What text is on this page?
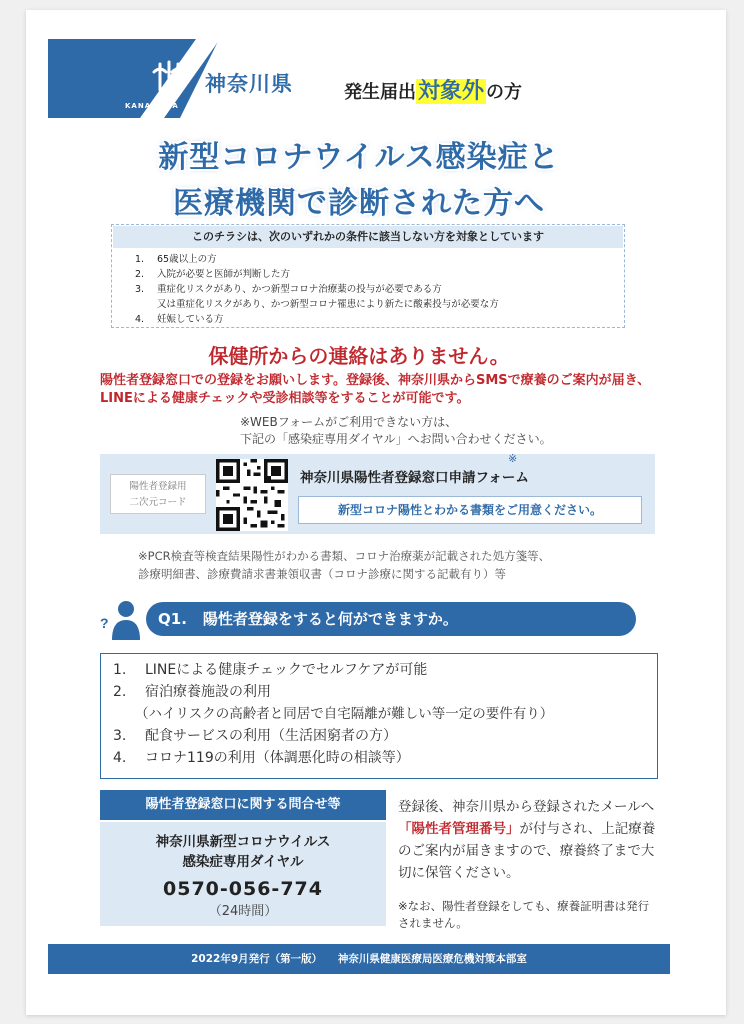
KANAGAWA
神奈川県	発生届出対象外 の方
新型コロナウイルス感染症と
医療機関で診断された方へ
このチラシは、次のいずれかの条件に該当しない方を対象としています
1. 65歳以上の方
2. 入院が必要と医師が判断した方
3. 重症化リスクがあり、かつ新型コロナ治療薬の投与が必要である方
又は重症化リスクがあり、かつ新型コロナ罹患により新たに酸素投与が必要な方
4. 妊娠している方
保健所からの連絡はありません。
陽性者登録窓口での登録をお願いします。登録後、神奈川県からSMSで療養のご案内が届き、LINEによる健康チェックや受診相談等をすることが可能です。
※WEBフォームがご利用できない方は、
下記の「感染症専用ダイヤル」へお問い合わせください。
陽性者登録用
二次元コード
※
神奈川県陽性者登録窓口申請フォーム
新型コロナ陽性とわかる書類をご用意ください。
※PCR検査等検査結果陽性がわかる書類、コロナ治療薬が記載された処方箋等、
診療明細書、診療費請求書兼領収書（コロナ診療に関する記載有り）等
?	Q1. 陽性者登録をすると何ができますか。
1. LINEによる健康チェックでセルフケアが可能
2. 宿泊療養施設の利用
（ハイリスクの高齢者と同居で自宅隔離が難しい等一定の要件有り）
3. 配食サービスの利用（生活困窮者の方）
4. コロナ119の利用（体調悪化時の相談等）
陽性者登録窓口に関する問合せ等
神奈川県新型コロナウイルス
感染症専用ダイヤル
0570-056-774
（24時間）
登録後、神奈川県から登録されたメールへ「陽性者管理番号」が付与され、上記療養のご案内が届きますので、療養終了まで大切に保管ください。
※なお、陽性者登録をしても、療養証明書は発行されません。
2022年9月発行（第一版）　　 神奈川県健康医療局医療危機対策本部室
